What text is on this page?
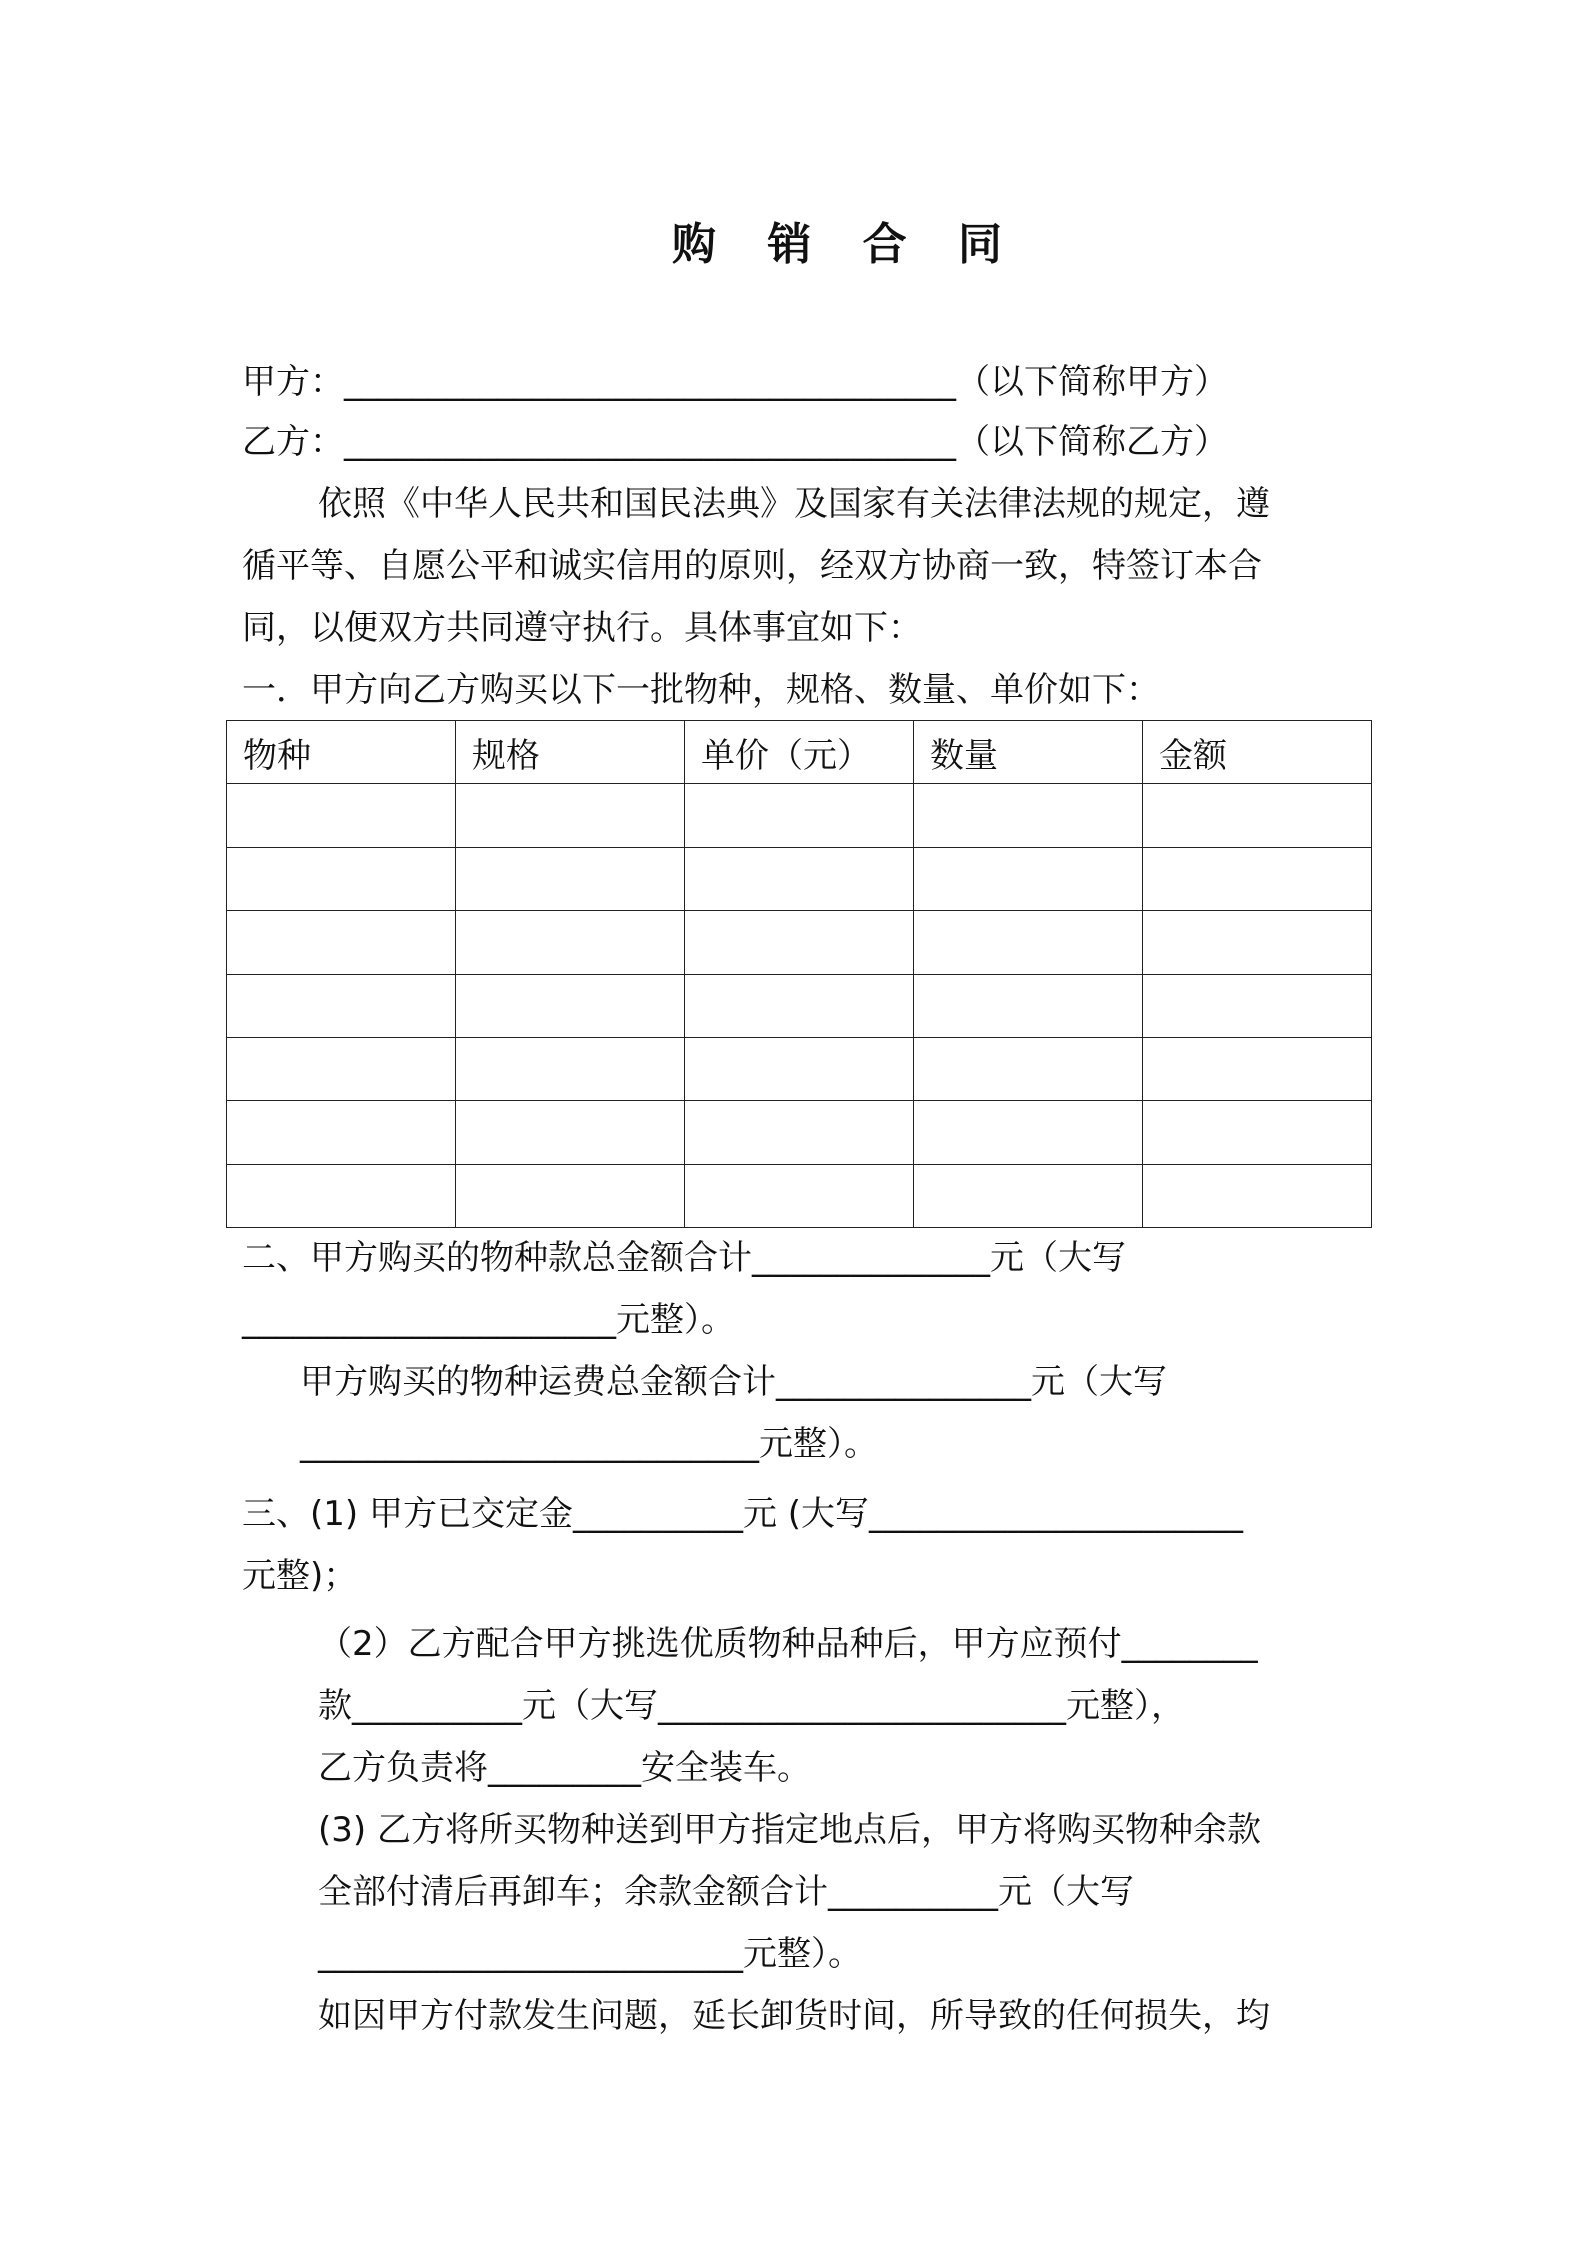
购 销 合 同
甲方：____________________________________（以下简称甲方）
乙方：____________________________________（以下简称乙方）
依照《中华人民共和国民法典》及国家有关法律法规的规定，遵
循平等、自愿公平和诚实信用的原则，经双方协商一致，特签订本合
同，以便双方共同遵守执行。具体事宜如下：
一．甲方向乙方购买以下一批物种，规格、数量、单价如下：
物种	规格	单价（元）	数量	金额

二、甲方购买的物种款总金额合计______________元（大写
______________________元整）。
甲方购买的物种运费总金额合计_______________元（大写
___________________________元整）。
三、(1) 甲方已交定金__________元 (大写______________________
元整)；
（2）乙方配合甲方挑选优质物种品种后，甲方应预付________
款__________元（大写________________________元整），
乙方负责将_________安全装车。
(3) 乙方将所买物种送到甲方指定地点后，甲方将购买物种余款
全部付清后再卸车；余款金额合计__________元（大写
_________________________元整）。
如因甲方付款发生问题，延长卸货时间，所导致的任何损失，均
